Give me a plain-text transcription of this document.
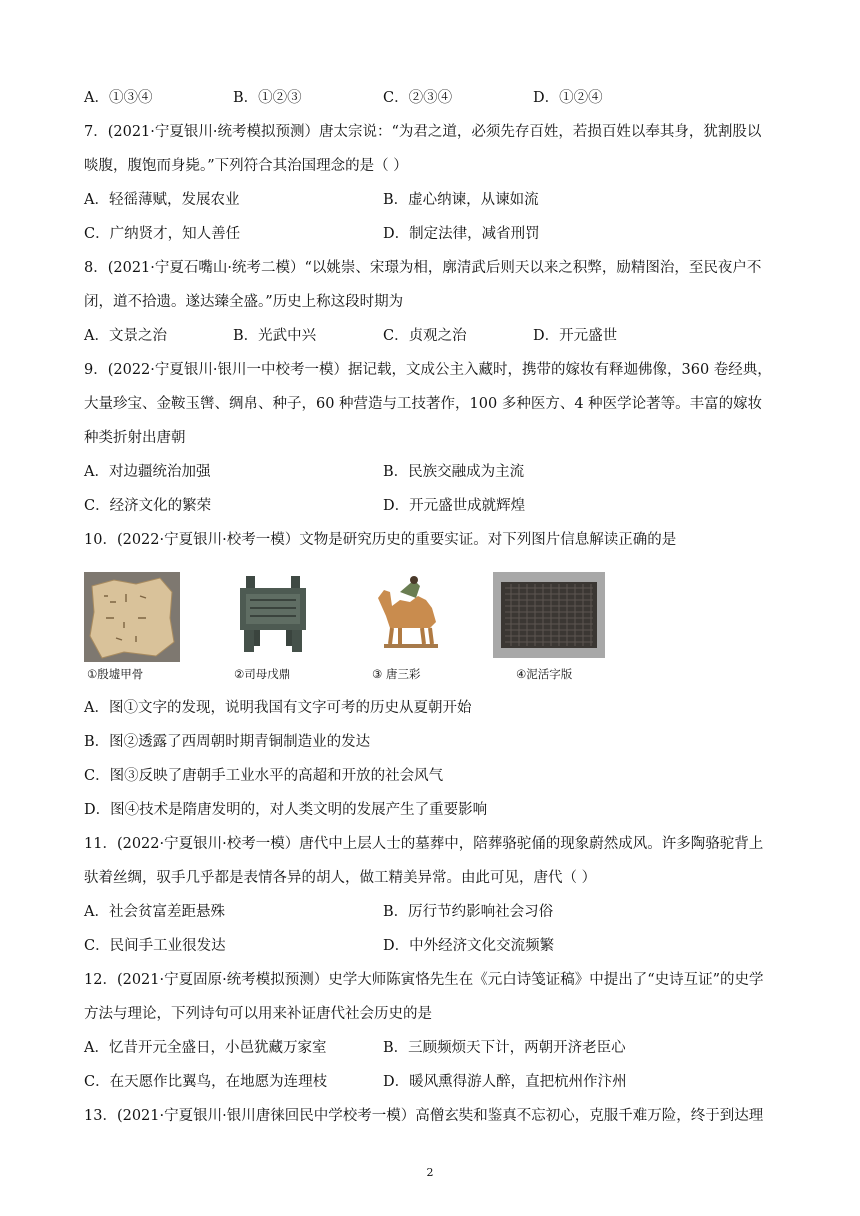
A．①③④	B．①②③	C．②③④	D．①②④
7．(2021·宁夏银川·统考模拟预测）唐太宗说：“为君之道，必须先存百姓，若损百姓以奉其身，犹割股以
啖腹，腹饱而身毙。”下列符合其治国理念的是（ ）
A．轻徭薄赋，发展农业	B．虚心纳谏，从谏如流
C．广纳贤才，知人善任	D．制定法律，减省刑罚
8．(2021·宁夏石嘴山·统考二模）“以姚崇、宋璟为相，廓清武后则天以来之积弊，励精图治，至民夜户不
闭，道不拾遗。遂达臻全盛。”历史上称这段时期为
A．文景之治	B．光武中兴	C．贞观之治	D．开元盛世
9．(2022·宁夏银川·银川一中校考一模）据记载，文成公主入藏时，携带的嫁妆有释迦佛像，360 卷经典，
大量珍宝、金鞍玉辔、绸帛、种子，60 种营造与工技著作，100 多种医方、4 种医学论著等。丰富的嫁妆
种类折射出唐朝
A．对边疆统治加强	B．民族交融成为主流
C．经济文化的繁荣	D．开元盛世成就辉煌
10．(2022·宁夏银川·校考一模）文物是研究历史的重要实证。对下列图片信息解读正确的是
①殷墟甲骨	②司母戊鼎	③ 唐三彩	④泥活字版
A．图①文字的发现，说明我国有文字可考的历史从夏朝开始
B．图②透露了西周朝时期青铜制造业的发达
C．图③反映了唐朝手工业水平的高超和开放的社会风气
D．图④技术是隋唐发明的，对人类文明的发展产生了重要影响
11．(2022·宁夏银川·校考一模）唐代中上层人士的墓葬中，陪葬骆驼俑的现象蔚然成风。许多陶骆驼背上
驮着丝绸，驭手几乎都是表情各异的胡人，做工精美异常。由此可见，唐代（ ）
A．社会贫富差距悬殊	B．厉行节约影响社会习俗
C．民间手工业很发达	D．中外经济文化交流频繁
12．(2021·宁夏固原·统考模拟预测）史学大师陈寅恪先生在《元白诗笺证稿》中提出了“史诗互证”的史学
方法与理论，下列诗句可以用来补证唐代社会历史的是
A．忆昔开元全盛日，小邑犹藏万家室	B．三顾频烦天下计，两朝开济老臣心
C．在天愿作比翼鸟，在地愿为连理枝	D．暖风熏得游人醉，直把杭州作汴州
13．(2021·宁夏银川·银川唐徕回民中学校考一模）高僧玄奘和鉴真不忘初心，克服千难万险，终于到达理
2
